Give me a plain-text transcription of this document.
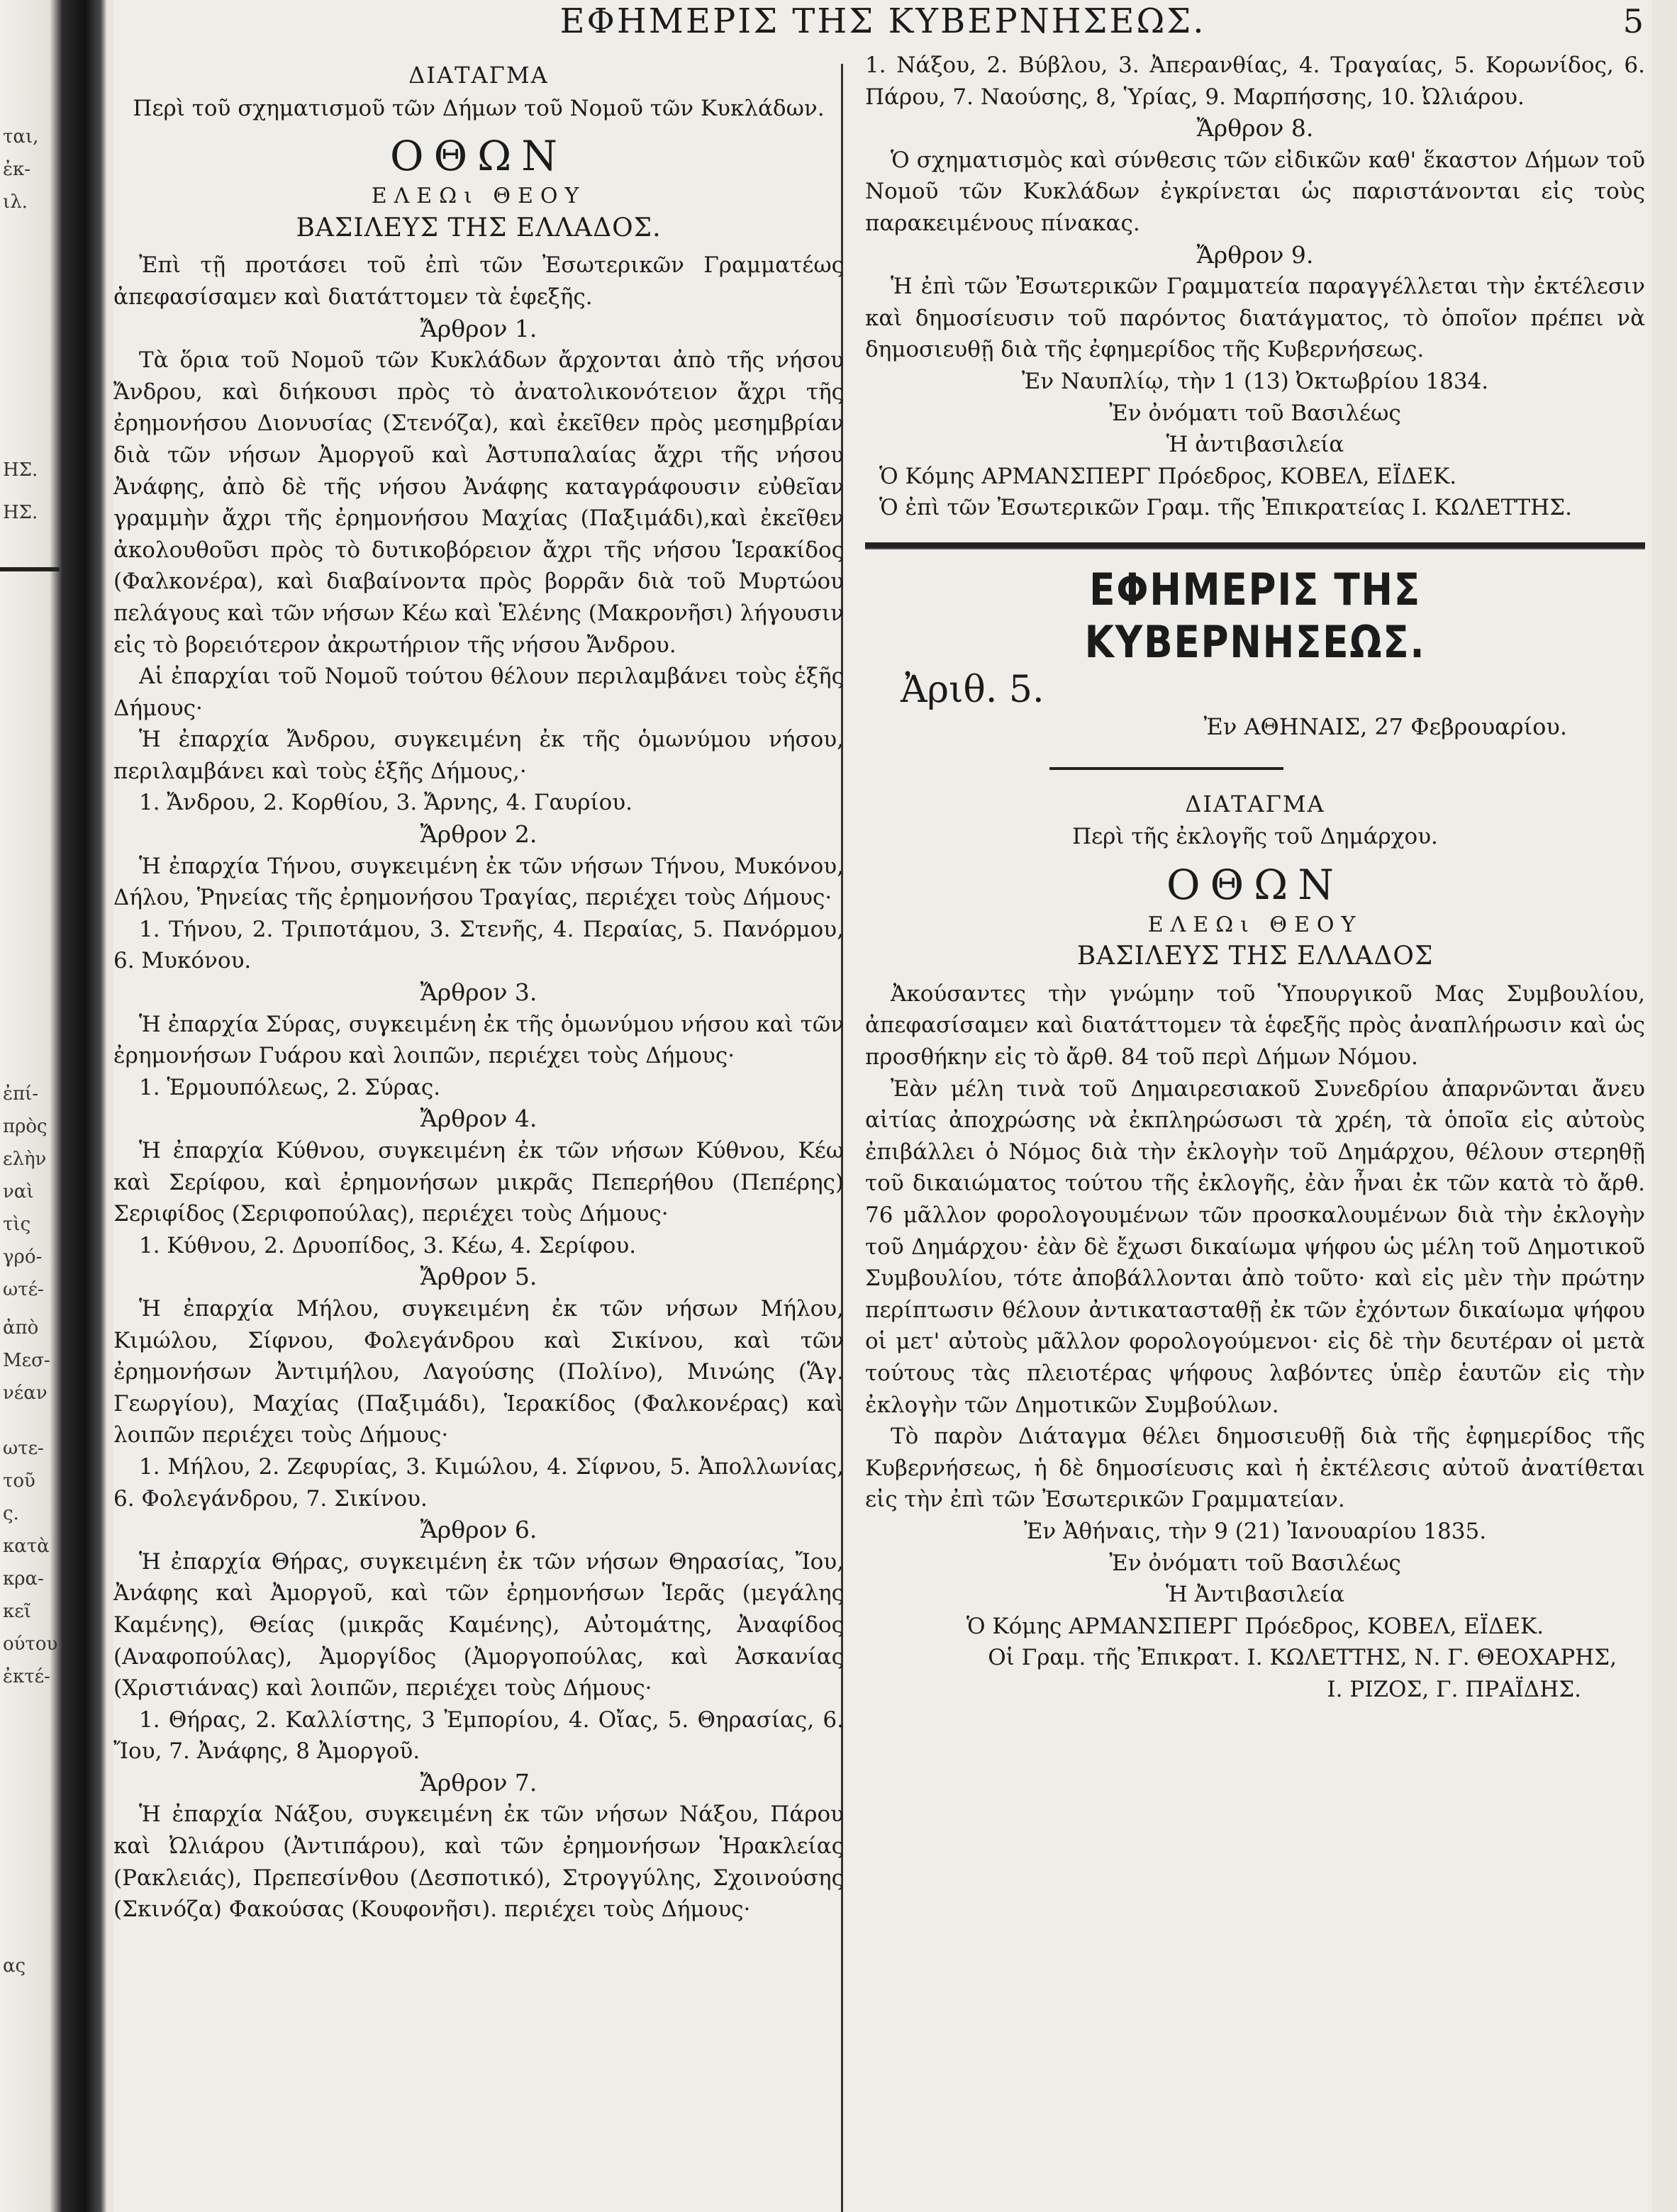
ται,
ἐκ-
ιλ.
ΗΣ.
ΗΣ.
ἐπί-
πρὸς
ελὴν
ναὶ
τὶς
γρό-
ωτέ-
ἀπὸ
Μεσ-
νέαν
ωτε-
τοῦ
ς.
κατὰ
κρα-
κεῖ
ούτου
ἐκτέ-
ας
ΕΦΗΜΕΡΙΣ ΤΗΣ ΚΥΒΕΡΝΗΣΕΩΣ.	5

ΔΙΑΤΑΓΜΑ

Περὶ τοῦ σχηματισμοῦ τῶν Δήμων τοῦ Νομοῦ τῶν Κυκλάδων.

ΟΘΩΝ

ΕΛΕΩι ΘΕΟΥ

ΒΑΣΙΛΕΥΣ ΤΗΣ ΕΛΛΑΔΟΣ.

Ἐπὶ τῇ προτάσει τοῦ ἐπὶ τῶν Ἐσωτερικῶν Γραμματέως ἀπεφασίσαμεν καὶ διατάττομεν τὰ ἑφεξῆς.

Ἄρθρον 1.

Τὰ ὅρια τοῦ Νομοῦ τῶν Κυκλάδων ἄρχονται ἀπὸ τῆς νήσου Ἄνδρου, καὶ διήκουσι πρὸς τὸ ἀνατολικονότειον ἄχρι τῆς ἐρημονήσου Διονυσίας (Στενόζα), καὶ ἐκεῖθεν πρὸς μεσημβρίαν διὰ τῶν νήσων Ἀμοργοῦ καὶ Ἀστυπαλαίας ἄχρι τῆς νήσου Ἀνάφης, ἀπὸ δὲ τῆς νήσου Ἀνάφης καταγράφουσιν εὐθεῖαν γραμμὴν ἄχρι τῆς ἐρημονήσου Μαχίας (Παξιμάδι),καὶ ἐκεῖθεν ἀκολουθοῦσι πρὸς τὸ δυτικοβόρειον ἄχρι τῆς νήσου Ἱερακίδος (Φαλκονέρα), καὶ διαβαίνοντα πρὸς βορρᾶν διὰ τοῦ Μυρτώου πελάγους καὶ τῶν νήσων Κέω καὶ Ἑλένης (Μακρονῆσι) λήγουσιν εἰς τὸ βορειότερον ἀκρωτήριον τῆς νήσου Ἄνδρου.

Αἱ ἐπαρχίαι τοῦ Νομοῦ τούτου θέλουν περιλαμβάνει τοὺς ἑξῆς Δήμους·

Ἡ ἐπαρχία Ἄνδρου, συγκειμένη ἐκ τῆς ὁμωνύμου νήσου, περιλαμβάνει καὶ τοὺς ἑξῆς Δήμους,·

1. Ἄνδρου, 2. Κορθίου, 3. Ἄρνης, 4. Γαυρίου.

Ἄρθρον 2.

Ἡ ἐπαρχία Τήνου, συγκειμένη ἐκ τῶν νήσων Τήνου, Μυκόνου, Δήλου, Ῥηνείας τῆς ἐρημονήσου Τραγίας, περιέχει τοὺς Δήμους·

1. Τήνου, 2. Τριποτάμου, 3. Στενῆς, 4. Περαίας, 5. Πανόρμου, 6. Μυκόνου.

Ἄρθρον 3.

Ἡ ἐπαρχία Σύρας, συγκειμένη ἐκ τῆς ὁμωνύμου νήσου καὶ τῶν ἐρημονήσων Γυάρου καὶ λοιπῶν, περιέχει τοὺς Δήμους·

1. Ἑρμουπόλεως, 2. Σύρας.

Ἄρθρον 4.

Ἡ ἐπαρχία Κύθνου, συγκειμένη ἐκ τῶν νήσων Κύθνου, Κέω καὶ Σερίφου, καὶ ἐρημονήσων μικρᾶς Πεπερήθου (Πεπέρης) Σεριφίδος (Σεριφοπούλας), περιέχει τοὺς Δήμους·

1. Κύθνου, 2. Δρυοπίδος, 3. Κέω, 4. Σερίφου.

Ἄρθρον 5.

Ἡ ἐπαρχία Μήλου, συγκειμένη ἐκ τῶν νήσων Μήλου, Κιμώλου, Σίφνου, Φολεγάνδρου καὶ Σικίνου, καὶ τῶν ἐρημονήσων Ἀντιμήλου, Λαγούσης (Πολίνο), Μινώης (Ἅγ. Γεωργίου), Μαχίας (Παξιμάδι), Ἱερακίδος (Φαλκονέρας) καὶ λοιπῶν περιέχει τοὺς Δήμους·

1. Μήλου, 2. Ζεφυρίας, 3. Κιμώλου, 4. Σίφνου, 5. Ἀπολλωνίας, 6. Φολεγάνδρου, 7. Σικίνου.

Ἄρθρον 6.

Ἡ ἐπαρχία Θήρας, συγκειμένη ἐκ τῶν νήσων Θηρασίας, Ἴου, Ἀνάφης καὶ Ἀμοργοῦ, καὶ τῶν ἐρημονήσων Ἱερᾶς (μεγάλης Καμένης), Θείας (μικρᾶς Καμένης), Αὐτομάτης, Ἀναφίδος (Αναφοπούλας), Ἀμοργίδος (Ἀμοργοπούλας, καὶ Ἀσκανίας (Χριστιάνας) καὶ λοιπῶν, περιέχει τοὺς Δήμους·

1. Θήρας, 2. Καλλίστης, 3 Ἐμπορίου, 4. Οἴας, 5. Θηρασίας, 6. Ἴου, 7. Ἀνάφης, 8 Ἀμοργοῦ.

Ἄρθρον 7.

Ἡ ἐπαρχία Νάξου, συγκειμένη ἐκ τῶν νήσων Νάξου, Πάρου καὶ Ὠλιάρου (Ἀντιπάρου), καὶ τῶν ἐρημονήσων Ἡρακλείας (Ρακλειάς), Πρεπεσίνθου (Δεσποτικό), Στρογγύλης, Σχοινούσης (Σκινόζα) Φακούσας (Κουφονῆσι). περιέχει τοὺς Δήμους·

1. Νάξου, 2. Βύβλου, 3. Ἀπερανθίας, 4. Τραγαίας, 5. Κορωνίδος, 6. Πάρου, 7. Ναούσης, 8, Ὑρίας, 9. Μαρπήσσης, 10. Ὠλιάρου.

Ἄρθρον 8.

Ὁ σχηματισμὸς καὶ σύνθεσις τῶν εἰδικῶν καθ' ἕκαστον Δήμων τοῦ Νομοῦ τῶν Κυκλάδων ἐγκρίνεται ὡς παριστάνονται εἰς τοὺς παρακειμένους πίνακας.

Ἄρθρον 9.

Ἡ ἐπὶ τῶν Ἐσωτερικῶν Γραμματεία παραγγέλλεται τὴν ἐκτέλεσιν καὶ δημοσίευσιν τοῦ παρόντος διατάγματος, τὸ ὁποῖον πρέπει νὰ δημοσιευθῇ διὰ τῆς ἐφημερίδος τῆς Κυβερνήσεως.

Ἐν Ναυπλίῳ, τὴν 1 (13) Ὀκτωβρίου 1834.

Ἐν ὀνόματι τοῦ Βασιλέως

Ἡ ἀντιβασιλεία

Ὁ Κόμης ΑΡΜΑΝΣΠΕΡΓ Πρόεδρος, ΚΟΒΕΛ, ΕΪΔΕΚ.

Ὁ ἐπὶ τῶν Ἐσωτερικῶν Γραμ. τῆς Ἐπικρατείας Ι. ΚΩΛΕΤΤΗΣ.

ΕΦΗΜΕΡΙΣ ΤΗΣ ΚΥΒΕΡΝΗΣΕΩΣ.

Ἀριθ. 5.

Ἐν ΑΘΗΝΑΙΣ, 27 Φεβρουαρίου.

ΔΙΑΤΑΓΜΑ

Περὶ τῆς ἐκλογῆς τοῦ Δημάρχου.

ΟΘΩΝ

ΕΛΕΩι ΘΕΟΥ

ΒΑΣΙΛΕΥΣ ΤΗΣ ΕΛΛΑΔΟΣ

Ἀκούσαντες τὴν γνώμην τοῦ Ὑπουργικοῦ Μας Συμβουλίου, ἀπεφασίσαμεν καὶ διατάττομεν τὰ ἑφεξῆς πρὸς ἀναπλήρωσιν καὶ ὡς προσθήκην εἰς τὸ ἄρθ. 84 τοῦ περὶ Δήμων Νόμου.

Ἐὰν μέλη τινὰ τοῦ Δημαιρεσιακοῦ Συνεδρίου ἀπαρνῶνται ἄνευ αἰτίας ἀποχρώσης νὰ ἐκπληρώσωσι τὰ χρέη, τὰ ὁποῖα εἰς αὐτοὺς ἐπιβάλλει ὁ Νόμος διὰ τὴν ἐκλογὴν τοῦ Δημάρχου, θέλουν στερηθῇ τοῦ δικαιώματος τούτου τῆς ἐκλογῆς, ἐὰν ἦναι ἐκ τῶν κατὰ τὸ ἄρθ. 76 μᾶλλον φορολογουμένων τῶν προσκαλουμένων διὰ τὴν ἐκλογὴν τοῦ Δημάρχου· ἐὰν δὲ ἔχωσι δικαίωμα ψήφου ὡς μέλη τοῦ Δημοτικοῦ Συμβουλίου, τότε ἀποβάλλονται ἀπὸ τοῦτο· καὶ εἰς μὲν τὴν πρώτην περίπτωσιν θέλουν ἀντικατασταθῇ ἐκ τῶν ἐχόντων δικαίωμα ψήφου οἱ μετ' αὐτοὺς μᾶλλον φορολογούμενοι· εἰς δὲ τὴν δευτέραν οἱ μετὰ τούτους τὰς πλειοτέρας ψήφους λαβόντες ὑπὲρ ἑαυτῶν εἰς τὴν ἐκλογὴν τῶν Δημοτικῶν Συμβούλων.

Τὸ παρὸν Διάταγμα θέλει δημοσιευθῇ διὰ τῆς ἐφημερίδος τῆς Κυβερνήσεως, ἡ δὲ δημοσίευσις καὶ ἡ ἐκτέλεσις αὐτοῦ ἀνατίθεται εἰς τὴν ἐπὶ τῶν Ἐσωτερικῶν Γραμματείαν.

Ἐν Ἀθήναις, τὴν 9 (21) Ἰανουαρίου 1835.

Ἐν ὀνόματι τοῦ Βασιλέως

Ἡ Ἀντιβασιλεία

Ὁ Κόμης ΑΡΜΑΝΣΠΕΡΓ Πρόεδρος, ΚΟΒΕΛ, ΕΪΔΕΚ.

Οἱ Γραμ. τῆς Ἐπικρατ. Ι. ΚΩΛΕΤΤΗΣ, Ν. Γ. ΘΕΟΧΑΡΗΣ,

Ι. ΡΙΖΟΣ, Γ. ΠΡΑΪΔΗΣ.
